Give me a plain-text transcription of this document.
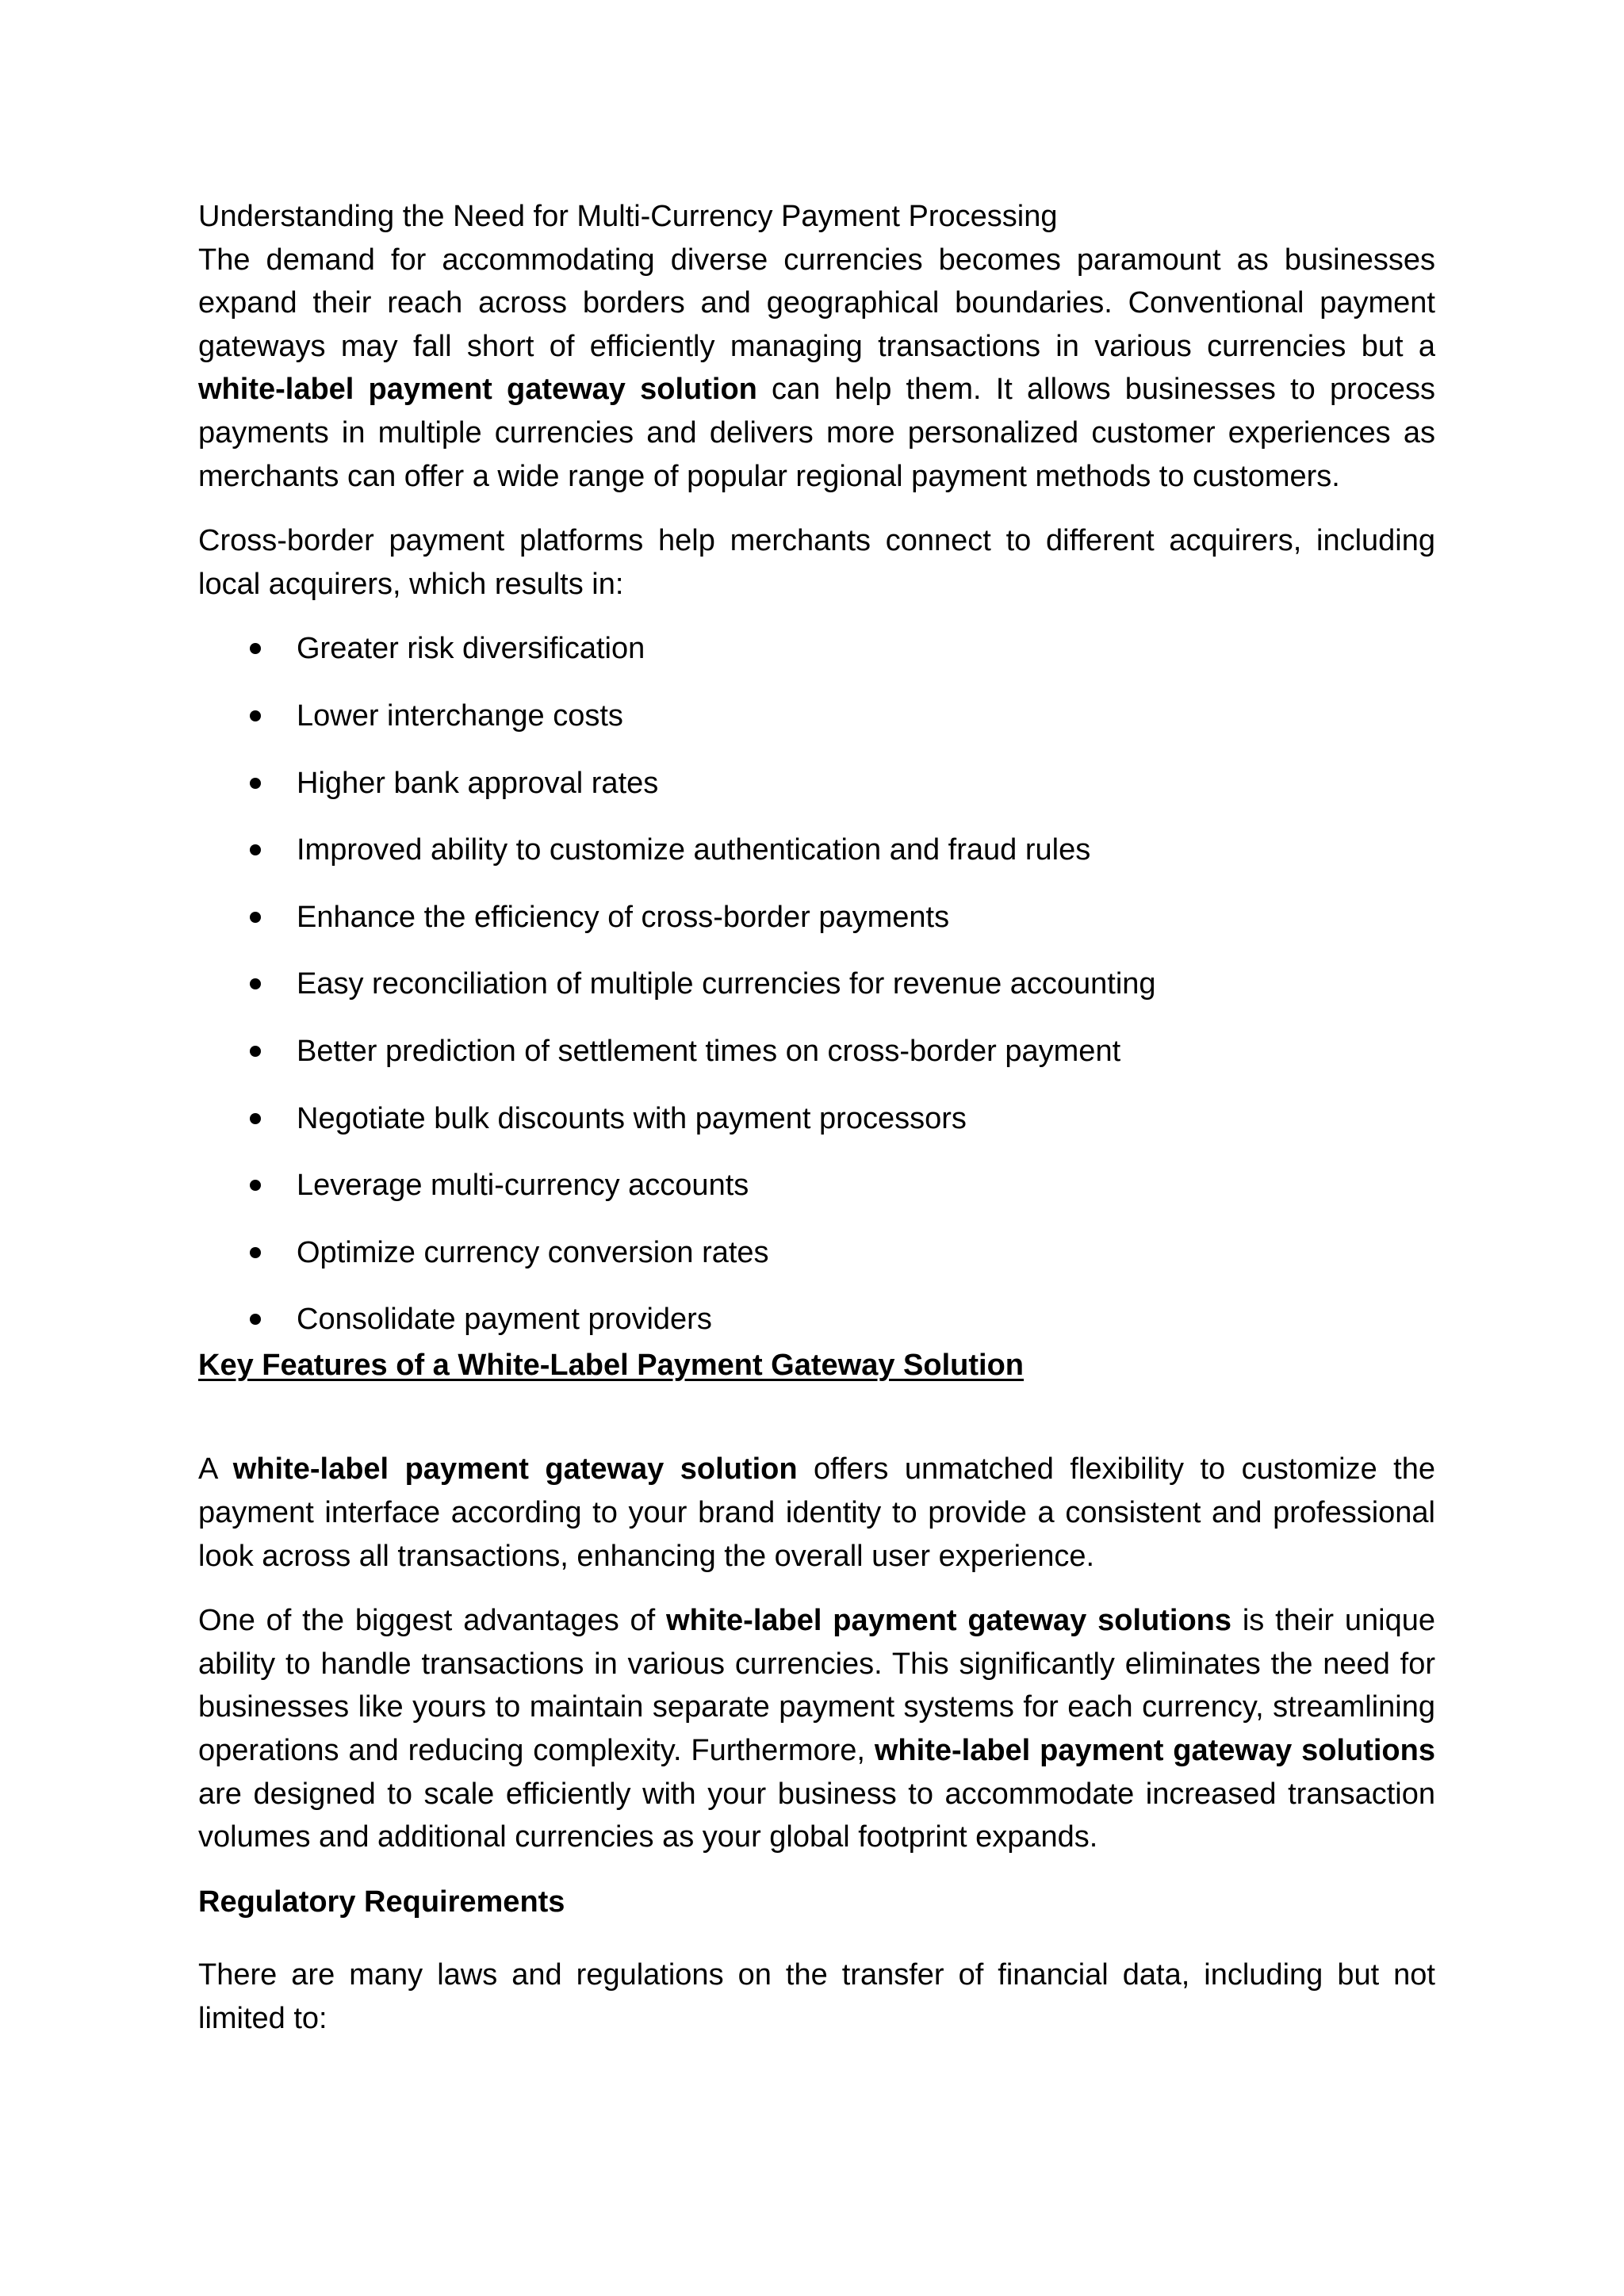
Understanding the Need for Multi-Currency Payment Processing

The demand for accommodating diverse currencies becomes paramount as businesses expand their reach across borders and geographical boundaries. Conventional payment gateways may fall short of efficiently managing transactions in various currencies but a white-label payment gateway solution can help them. It allows businesses to process payments in multiple currencies and delivers more personalized customer experiences as merchants can offer a wide range of popular regional payment methods to customers.

Cross-border payment platforms help merchants connect to different acquirers, including local acquirers, which results in:

Greater risk diversification
Lower interchange costs
Higher bank approval rates
Improved ability to customize authentication and fraud rules
Enhance the efficiency of cross-border payments
Easy reconciliation of multiple currencies for revenue accounting
Better prediction of settlement times on cross-border payment
Negotiate bulk discounts with payment processors
Leverage multi-currency accounts
Optimize currency conversion rates
Consolidate payment providers

Key Features of a White-Label Payment Gateway Solution

A white-label payment gateway solution offers unmatched flexibility to customize the payment interface according to your brand identity to provide a consistent and professional look across all transactions, enhancing the overall user experience.

One of the biggest advantages of white-label payment gateway solutions is their unique ability to handle transactions in various currencies. This significantly eliminates the need for businesses like yours to maintain separate payment systems for each currency, streamlining operations and reducing complexity. Furthermore, white-label payment gateway solutions are designed to scale efficiently with your business to accommodate increased transaction volumes and additional currencies as your global footprint expands.

Regulatory Requirements

There are many laws and regulations on the transfer of financial data, including but not limited to:
